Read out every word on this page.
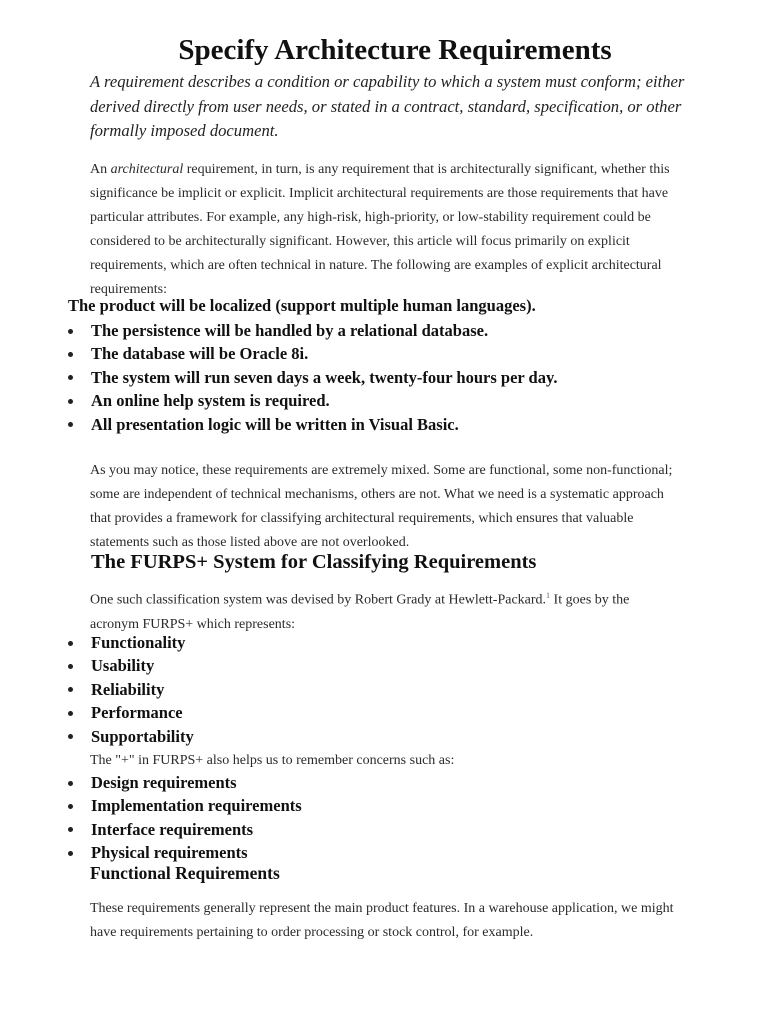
Specify Architecture Requirements

A requirement describes a condition or capability to which a system must conform; either derived directly from user needs, or stated in a contract, standard, specification, or other formally imposed document.

An architectural requirement, in turn, is any requirement that is architecturally significant, whether this significance be implicit or explicit. Implicit architectural requirements are those requirements that have particular attributes. For example, any high-risk, high-priority, or low-stability requirement could be considered to be architecturally significant. However, this article will focus primarily on explicit requirements, which are often technical in nature. The following are examples of explicit architectural requirements:

The product will be localized (support multiple human languages).

The persistence will be handled by a relational database.
The database will be Oracle 8i.
The system will run seven days a week, twenty-four hours per day.
An online help system is required.
All presentation logic will be written in Visual Basic.

As you may notice, these requirements are extremely mixed. Some are functional, some non-functional; some are independent of technical mechanisms, others are not. What we need is a systematic approach that provides a framework for classifying architectural requirements, which ensures that valuable statements such as those listed above are not overlooked.

The FURPS+ System for Classifying Requirements

One such classification system was devised by Robert Grady at Hewlett-Packard.$^1$ It goes by the acronym FURPS+ which represents:

Functionality
Usability
Reliability
Performance
Supportability

The "+" in FURPS+ also helps us to remember concerns such as:

Design requirements
Implementation requirements
Interface requirements
Physical requirements
Functional Requirements

These requirements generally represent the main product features. In a warehouse application, we might have requirements pertaining to order processing or stock control, for example.
